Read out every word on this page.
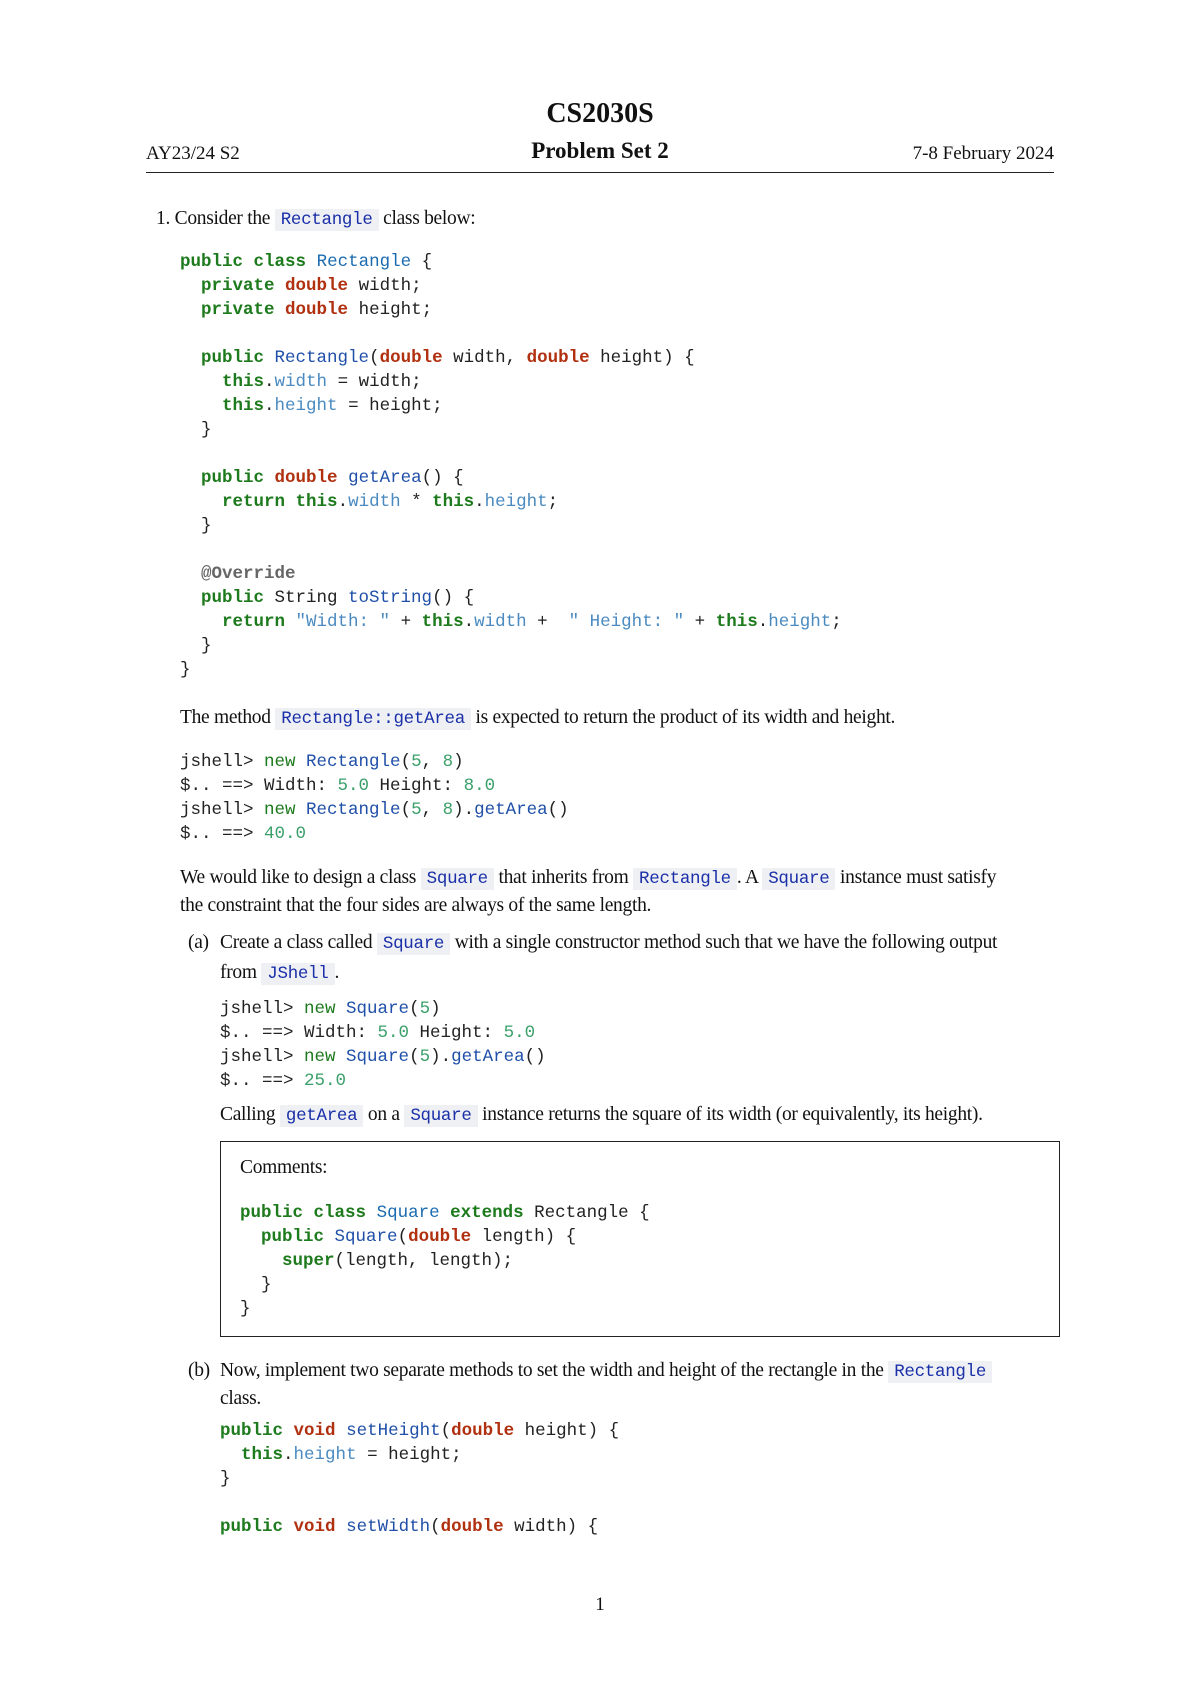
CS2030S
AY23/24 S2	Problem Set 2	7-8 February 2024
1. Consider the Rectangle class below:
public class Rectangle {
private double width;
private double height;

public Rectangle(double width, double height) {
this.width = width;
this.height = height;
}

public double getArea() {
return this.width * this.height;
}

@Override
public String toString() {
return "Width: " + this.width +  " Height: " + this.height;
}
}
The method Rectangle::getArea is expected to return the product of its width and height.
jshell> new Rectangle(5, 8)
$.. ==> Width: 5.0 Height: 8.0
jshell> new Rectangle(5, 8).getArea()
$.. ==> 40.0
We would like to design a class Square that inherits from Rectangle . A Square instance must satisfy
the constraint that the four sides are always of the same length.
(a) Create a class called Square with a single constructor method such that we have the following output
from JShell .
jshell> new Square(5)
$.. ==> Width: 5.0 Height: 5.0
jshell> new Square(5).getArea()
$.. ==> 25.0
Calling getArea on a Square instance returns the square of its width (or equivalently, its height).
Comments:
public class Square extends Rectangle {
public Square(double length) {
super(length, length);
}
}
(b) Now, implement two separate methods to set the width and height of the rectangle in the Rectangle
class.
public void setHeight(double height) {
this.height = height;
}

public void setWidth(double width) {
1
